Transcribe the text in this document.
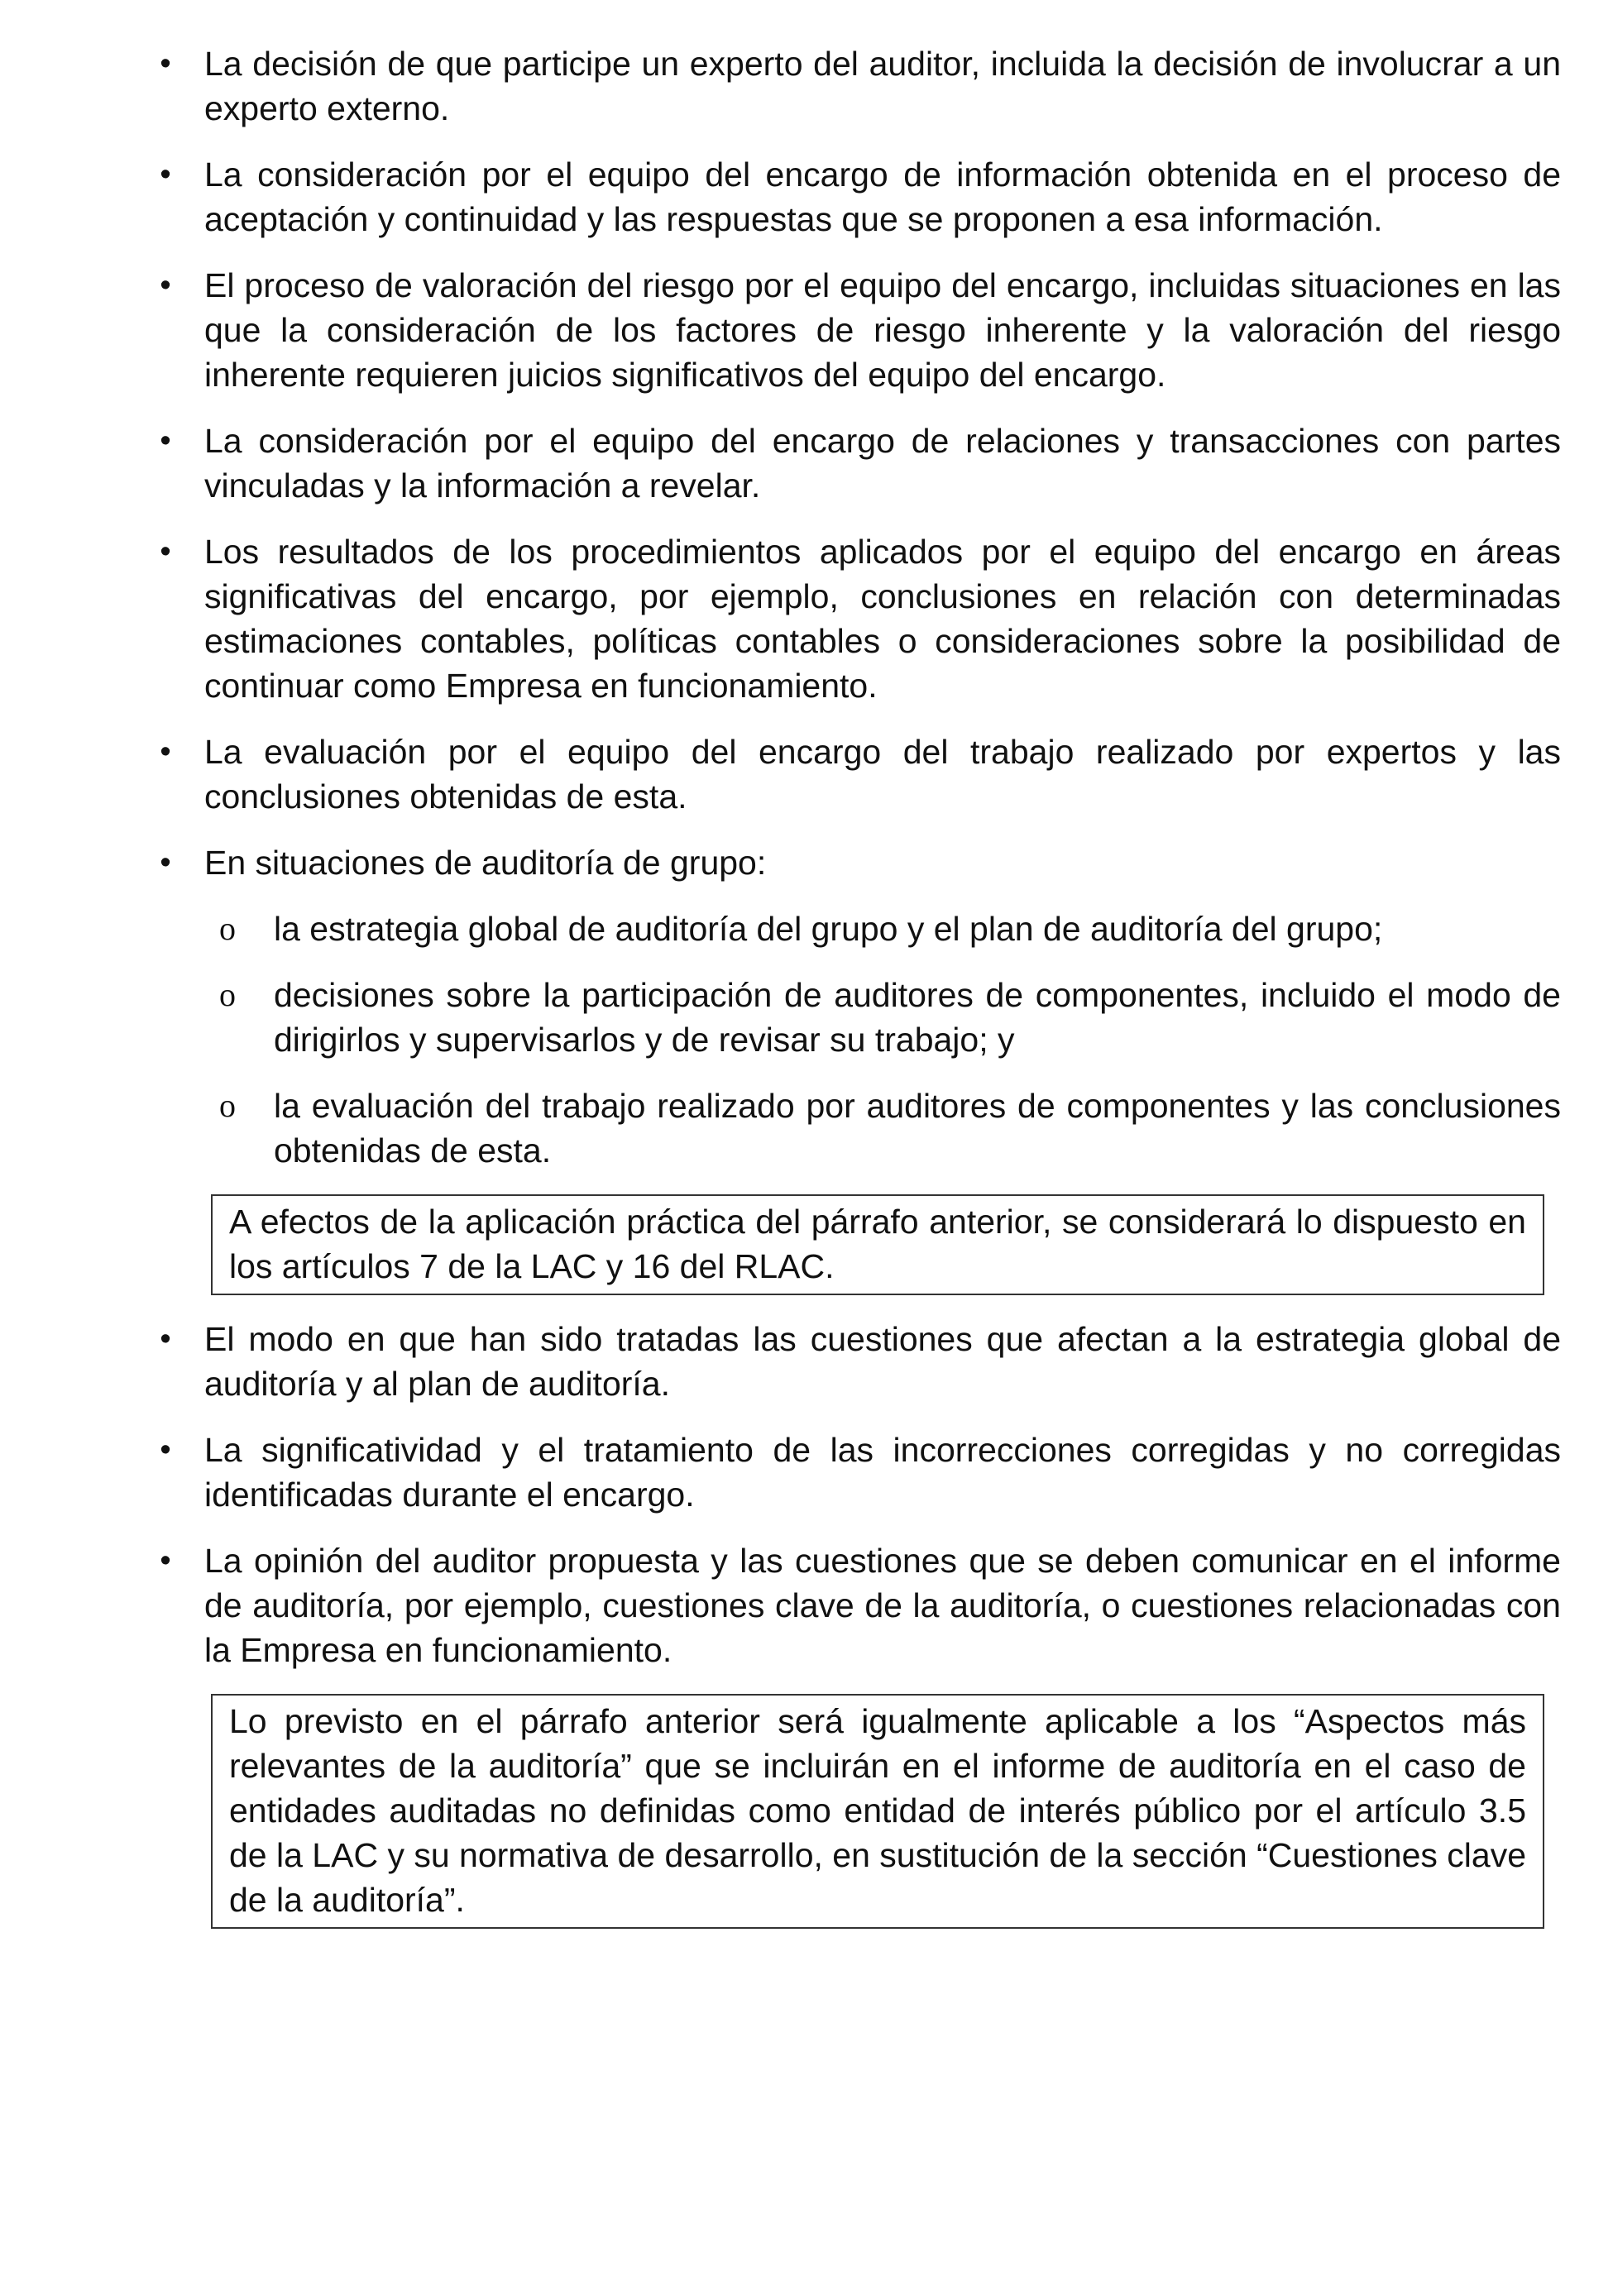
• La decisión de que participe un experto del auditor, incluida la decisión de involucrar a un experto externo.
• La consideración por el equipo del encargo de información obtenida en el proceso de aceptación y continuidad y las respuestas que se proponen a esa información.
• El proceso de valoración del riesgo por el equipo del encargo, incluidas situaciones en las que la consideración de los factores de riesgo inherente y la valoración del riesgo inherente requieren juicios significativos del equipo del encargo.
• La consideración por el equipo del encargo de relaciones y transacciones con partes vinculadas y la información a revelar.
• Los resultados de los procedimientos aplicados por el equipo del encargo en áreas significativas del encargo, por ejemplo, conclusiones en relación con determinadas estimaciones contables, políticas contables o consideraciones sobre la posibilidad de continuar como Empresa en funcionamiento.
• La evaluación por el equipo del encargo del trabajo realizado por expertos y las conclusiones obtenidas de esta.
• En situaciones de auditoría de grupo:
o la estrategia global de auditoría del grupo y el plan de auditoría del grupo;
o decisiones sobre la participación de auditores de componentes, incluido el modo de dirigirlos y supervisarlos y de revisar su trabajo; y
o la evaluación del trabajo realizado por auditores de componentes y las conclusiones obtenidas de esta.
A efectos de la aplicación práctica del párrafo anterior, se considerará lo dispuesto en los artículos 7 de la LAC y 16 del RLAC.
• El modo en que han sido tratadas las cuestiones que afectan a la estrategia global de auditoría y al plan de auditoría.
• La significatividad y el tratamiento de las incorrecciones corregidas y no corregidas identificadas durante el encargo.
• La opinión del auditor propuesta y las cuestiones que se deben comunicar en el informe de auditoría, por ejemplo, cuestiones clave de la auditoría, o cuestiones relacionadas con la Empresa en funcionamiento.
Lo previsto en el párrafo anterior será igualmente aplicable a los “Aspectos más relevantes de la auditoría” que se incluirán en el informe de auditoría en el caso de entidades auditadas no definidas como entidad de interés público por el artículo 3.5 de la LAC y su normativa de desarrollo, en sustitución de la sección “Cuestiones clave de la auditoría”.
